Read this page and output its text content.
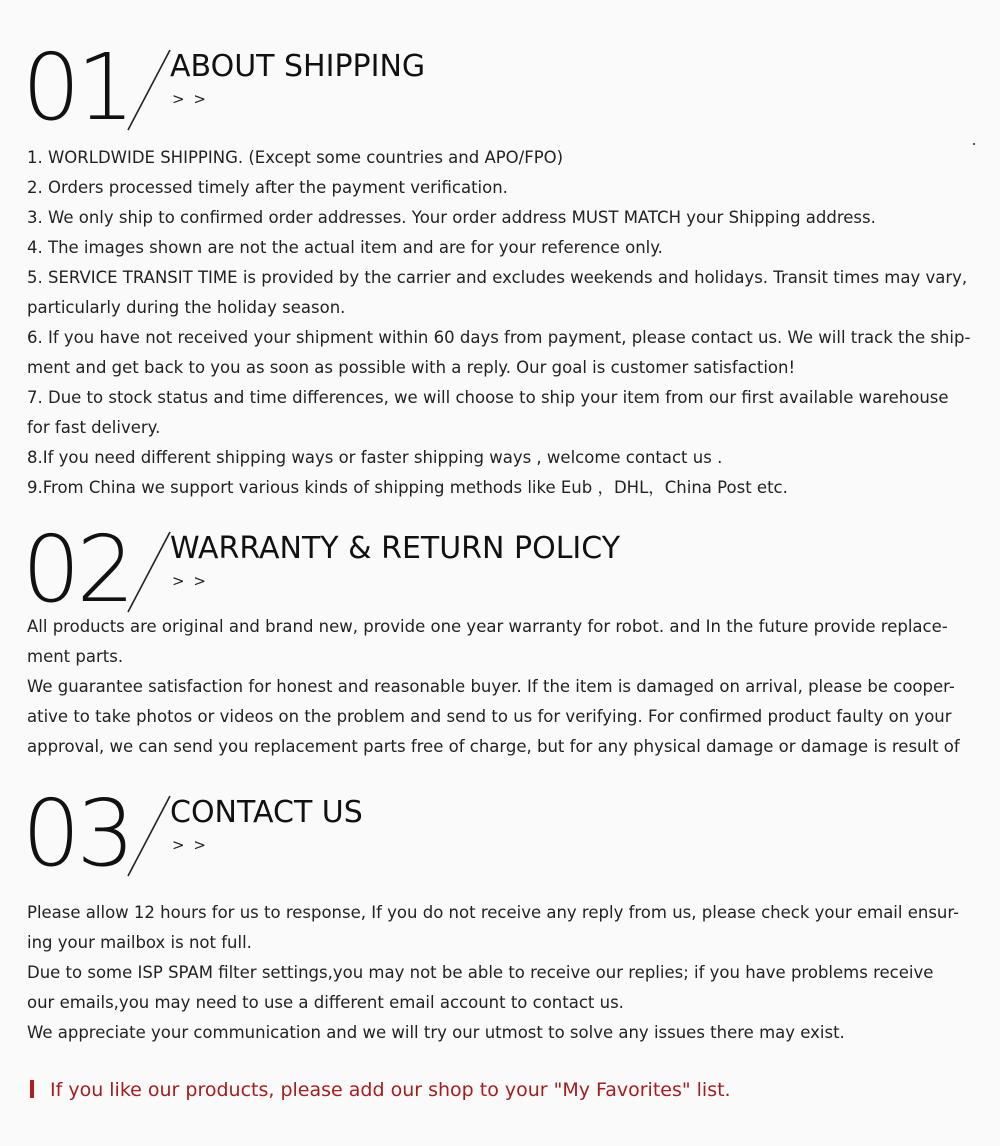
01 ABOUT SHIPPING
> >
1. WORLDWIDE SHIPPING. (Except some countries and APO/FPO)
2. Orders processed timely after the payment verification.
3. We only ship to confirmed order addresses. Your order address MUST MATCH your Shipping address.
4. The images shown are not the actual item and are for your reference only.
5. SERVICE TRANSIT TIME is provided by the carrier and excludes weekends and holidays. Transit times may vary,
particularly during the holiday season.
6. If you have not received your shipment within 60 days from payment, please contact us. We will track the ship-
ment and get back to you as soon as possible with a reply. Our goal is customer satisfaction!
7. Due to stock status and time differences, we will choose to ship your item from our first available warehouse
for fast delivery.
8.If you need different shipping ways or faster shipping ways , welcome contact us .
9.From China we support various kinds of shipping methods like Eub ，DHL，China Post etc.
02 WARRANTY & RETURN POLICY
> >
All products are original and brand new, provide one year warranty for robot. and In the future provide replace-
ment parts.
We guarantee satisfaction for honest and reasonable buyer. If the item is damaged on arrival, please be cooper-
ative to take photos or videos on the problem and send to us for verifying. For confirmed product faulty on your
approval, we can send you replacement parts free of charge, but for any physical damage or damage is result of
03 CONTACT US
> >
Please allow 12 hours for us to response, If you do not receive any reply from us, please check your email ensur-
ing your mailbox is not full.
Due to some ISP SPAM filter settings,you may not be able to receive our replies; if you have problems receive
our emails,you may need to use a different email account to contact us.
We appreciate your communication and we will try our utmost to solve any issues there may exist.
If you like our products, please add our shop to your "My Favorites" list.
